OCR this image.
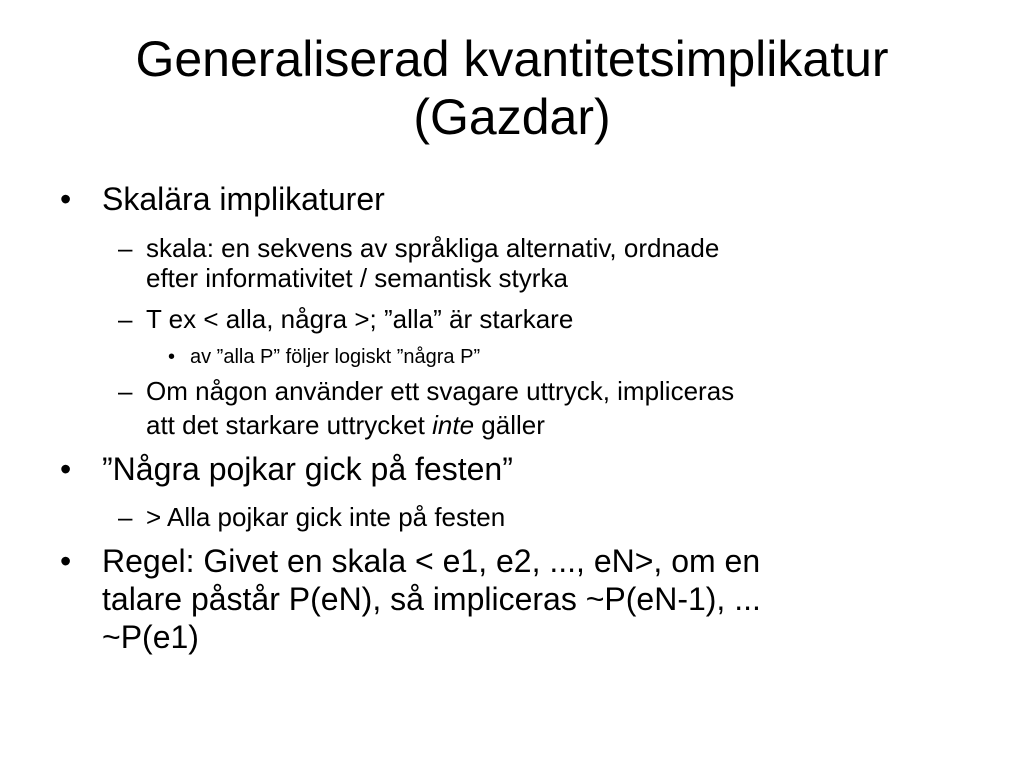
Generaliserad kvantitetsimplikatur
(Gazdar)
• Skalära implikaturer
– skala: en sekvens av språkliga alternativ, ordnade
efter informativitet / semantisk styrka
– T ex < alla, några >; ”alla” är starkare
• av ”alla P” följer logiskt ”några P”
– Om någon använder ett svagare uttryck, impliceras
att det starkare uttrycket inte gäller
• ”Några pojkar gick på festen”
– > Alla pojkar gick inte på festen
• Regel: Givet en skala < e1, e2, ..., eN>, om en
talare påstår P(eN), så impliceras ~P(eN-1), ...
~P(e1)
